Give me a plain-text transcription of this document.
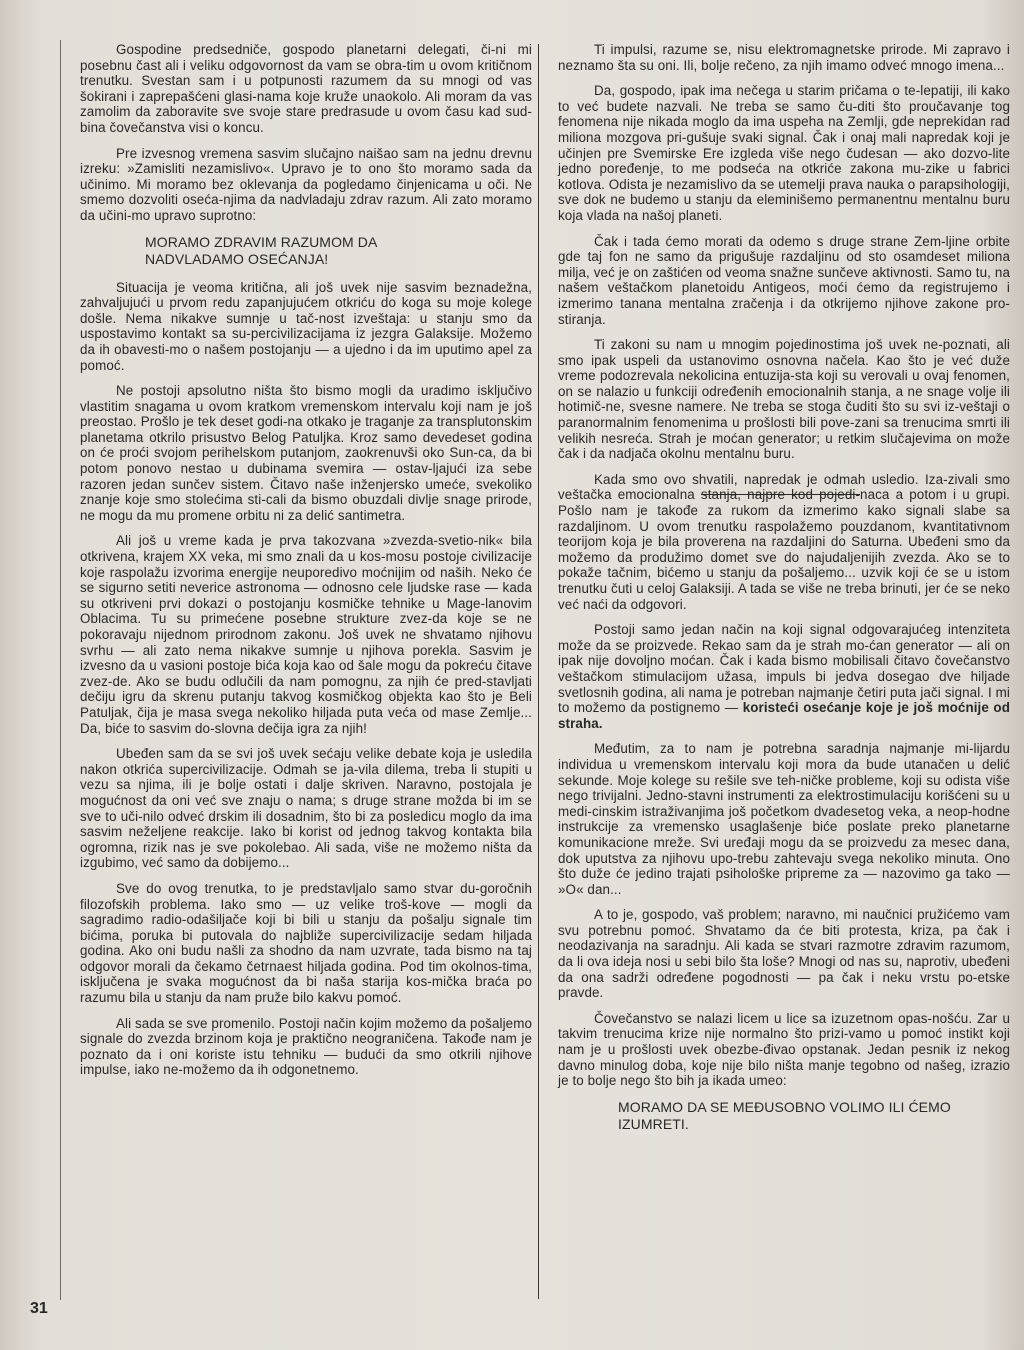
Gospodine predsedniče, gospodo planetarni delegati, či-ni mi posebnu čast ali i veliku odgovornost da vam se obra-tim u ovom kritičnom trenutku. Svestan sam i u potpunosti razumem da su mnogi od vas šokirani i zaprepašćeni glasi-nama koje kruže unaokolo. Ali moram da vas zamolim da zaboravite sve svoje stare predrasude u ovom času kad sud-bina čovečanstva visi o koncu.

Pre izvesnog vremena sasvim slučajno naišao sam na jednu drevnu izreku: »Zamisliti nezamislivo«. Upravo je to ono što moramo sada da učinimo. Mi moramo bez oklevanja da pogledamo činjenicama u oči. Ne smemo dozvoliti oseća-njima da nadvladaju zdrav razum. Ali zato moramo da učini-mo upravo suprotno:

MORAMO ZDRAVIM RAZUMOM DA
NADVLADAMO OSEĆANJA!

Situacija je veoma kritična, ali još uvek nije sasvim beznadežna, zahvaljujući u prvom redu zapanjujućem otkriću do koga su moje kolege došle. Nema nikakve sumnje u tač-nost izveštaja: u stanju smo da uspostavimo kontakt sa su-percivilizacijama iz jezgra Galaksije. Možemo da ih obavesti-mo o našem postojanju — a ujedno i da im uputimo apel za pomoć.

Ne postoji apsolutno ništa što bismo mogli da uradimo isključivo vlastitim snagama u ovom kratkom vremenskom intervalu koji nam je još preostao. Prošlo je tek deset godi-na otkako je traganje za transplutonskim planetama otkrilo prisustvo Belog Patuljka. Kroz samo devedeset godina on će proći svojom perihelskom putanjom, zaokrenuvši oko Sun-ca, da bi potom ponovo nestao u dubinama svemira — ostav-ljajući iza sebe razoren jedan sunčev sistem. Čitavo naše inženjersko umeće, svekoliko znanje koje smo stolećima sti-cali da bismo obuzdali divlje snage prirode, ne mogu da mu promene orbitu ni za delić santimetra.

Ali još u vreme kada je prva takozvana »zvezda-svetio-nik« bila otkrivena, krajem XX veka, mi smo znali da u kos-mosu postoje civilizacije koje raspolažu izvorima energije neuporedivo moćnijim od naših. Neko će se sigurno setiti neverice astronoma — odnosno cele ljudske rase — kada su otkriveni prvi dokazi o postojanju kosmičke tehnike u Mage-lanovim Oblacima. Tu su primećene posebne strukture zvez-da koje se ne pokoravaju nijednom prirodnom zakonu. Još uvek ne shvatamo njihovu svrhu — ali zato nema nikakve sumnje u njihova porekla. Sasvim je izvesno da u vasioni postoje bića koja kao od šale mogu da pokreću čitave zvez-de. Ako se budu odlučili da nam pomognu, za njih će pred-stavljati dečiju igru da skrenu putanju takvog kosmičkog objekta kao što je Beli Patuljak, čija je masa svega nekoliko hiljada puta veća od mase Zemlje... Da, biće to sasvim do-slovna dečija igra za njih!

Ubeđen sam da se svi još uvek sećaju velike debate koja je usledila nakon otkrića supercivilizacije. Odmah se ja-vila dilema, treba li stupiti u vezu sa njima, ili je bolje ostati i dalje skriven. Naravno, postojala je mogućnost da oni već sve znaju o nama; s druge strane možda bi im se sve to uči-nilo odveć drskim ili dosadnim, što bi za posledicu moglo da ima sasvim neželjene reakcije. Iako bi korist od jednog takvog kontakta bila ogromna, rizik nas je sve pokolebao. Ali sada, više ne možemo ništa da izgubimo, već samo da dobijemo...

Sve do ovog trenutka, to je predstavljalo samo stvar du-goročnih filozofskih problema. Iako smo — uz velike troš-kove — mogli da sagradimo radio-odašiljače koji bi bili u stanju da pošalju signale tim bićima, poruka bi putovala do najbliže supercivilizacije sedam hiljada godina. Ako oni budu našli za shodno da nam uzvrate, tada bismo na taj odgovor morali da čekamo četrnaest hiljada godina. Pod tim okolnos-tima, isključena je svaka mogućnost da bi naša starija kos-mička braća po razumu bila u stanju da nam pruže bilo kakvu pomoć.

Ali sada se sve promenilo. Postoji način kojim možemo da pošaljemo signale do zvezda brzinom koja je praktično neograničena. Takođe nam je poznato da i oni koriste istu tehniku — budući da smo otkrili njihove impulse, iako ne-možemo da ih odgonetnemo.

Ti impulsi, razume se, nisu elektromagnetske prirode. Mi zapravo i neznamo šta su oni. Ili, bolje rečeno, za njih imamo odveć mnogo imena...

Da, gospodo, ipak ima nečega u starim pričama o te-lepatiji, ili kako to već budete nazvali. Ne treba se samo ču-diti što proučavanje tog fenomena nije nikada moglo da ima uspeha na Zemlji, gde neprekidan rad miliona mozgova pri-gušuje svaki signal. Čak i onaj mali napredak koji je učinjen pre Svemirske Ere izgleda više nego čudesan — ako dozvo-lite jedno poređenje, to me podseća na otkriće zakona mu-zike u fabrici kotlova. Odista je nezamislivo da se utemelji prava nauka o parapsihologiji, sve dok ne budemo u stanju da eleminišemo permanentnu mentalnu buru koja vlada na našoj planeti.

Čak i tada ćemo morati da odemo s druge strane Zem-ljine orbite gde taj fon ne samo da prigušuje razdaljinu od sto osamdeset miliona milja, već je on zaštićen od veoma snažne sunčeve aktivnosti. Samo tu, na našem veštačkom planetoidu Antigeos, moći ćemo da registrujemo i izmerimo tanana mentalna zračenja i da otkrijemo njihove zakone pro-stiranja.

Ti zakoni su nam u mnogim pojedinostima još uvek ne-poznati, ali smo ipak uspeli da ustanovimo osnovna načela. Kao što je već duže vreme podozrevala nekolicina entuzija-sta koji su verovali u ovaj fenomen, on se nalazio u funkciji određenih emocionalnih stanja, a ne snage volje ili hotimič-ne, svesne namere. Ne treba se stoga čuditi što su svi iz-veštaji o paranormalnim fenomenima u prošlosti bili pove-zani sa trenucima smrti ili velikih nesreća. Strah je moćan generator; u retkim slučajevima on može čak i da nadjača okolnu mentalnu buru.

Kada smo ovo shvatili, napredak je odmah usledio. Iza-zivali smo veštačka emocionalna stanja, najpre kod pojedi-naca a potom i u grupi. Pošlo nam je takođe za rukom da izmerimo kako signali slabe sa razdaljinom. U ovom trenutku raspolažemo pouzdanom, kvantitativnom teorijom koja je bila proverena na razdaljini do Saturna. Ubeđeni smo da možemo da produžimo domet sve do najudaljenijih zvezda. Ako se to pokaže tačnim, bićemo u stanju da pošaljemo... uzvik koji će se u istom trenutku čuti u celoj Galaksiji. A tada se više ne treba brinuti, jer će se neko već naći da odgovori.

Postoji samo jedan način na koji signal odgovarajućeg intenziteta može da se proizvede. Rekao sam da je strah mo-ćan generator — ali on ipak nije dovoljno moćan. Čak i kada bismo mobilisali čitavo čovečanstvo veštačkom stimulacijom užasa, impuls bi jedva dosegao dve hiljade svetlosnih godina, ali nama je potreban najmanje četiri puta jači signal. I mi to možemo da postignemo — koristeći osećanje koje je još moćnije od straha.

Međutim, za to nam je potrebna saradnja najmanje mi-lijardu individua u vremenskom intervalu koji mora da bude utanačen u delić sekunde. Moje kolege su rešile sve teh-ničke probleme, koji su odista više nego trivijalni. Jedno-stavni instrumenti za elektrostimulaciju korišćeni su u medi-cinskim istraživanjima još početkom dvadesetog veka, a neop-hodne instrukcije za vremensko usaglašenje biće poslate preko planetarne komunikacione mreže. Svi uređaji mogu da se proizvedu za mesec dana, dok uputstva za njihovu upo-trebu zahtevaju svega nekoliko minuta. Ono što duže će jedino trajati psihološke pripreme za — nazovimo ga tako — »O« dan...

A to je, gospodo, vaš problem; naravno, mi naučnici pružićemo vam svu potrebnu pomoć. Shvatamo da će biti protesta, kriza, pa čak i neodazivanja na saradnju. Ali kada se stvari razmotre zdravim razumom, da li ova ideja nosi u sebi bilo šta loše? Mnogi od nas su, naprotiv, ubeđeni da ona sadrži određene pogodnosti — pa čak i neku vrstu po-etske pravde.

Čovečanstvo se nalazi licem u lice sa izuzetnom opas-nošću. Zar u takvim trenucima krize nije normalno što prizi-vamo u pomoć instikt koji nam je u prošlosti uvek obezbe-đivao opstanak. Jedan pesnik iz nekog davno minulog doba, koje nije bilo ništa manje tegobno od našeg, izrazio je to bolje nego što bih ja ikada umeo:

MORAMO DA SE MEĐUSOBNO VOLIMO ILI ĆEMO
IZUMRETI.
31
